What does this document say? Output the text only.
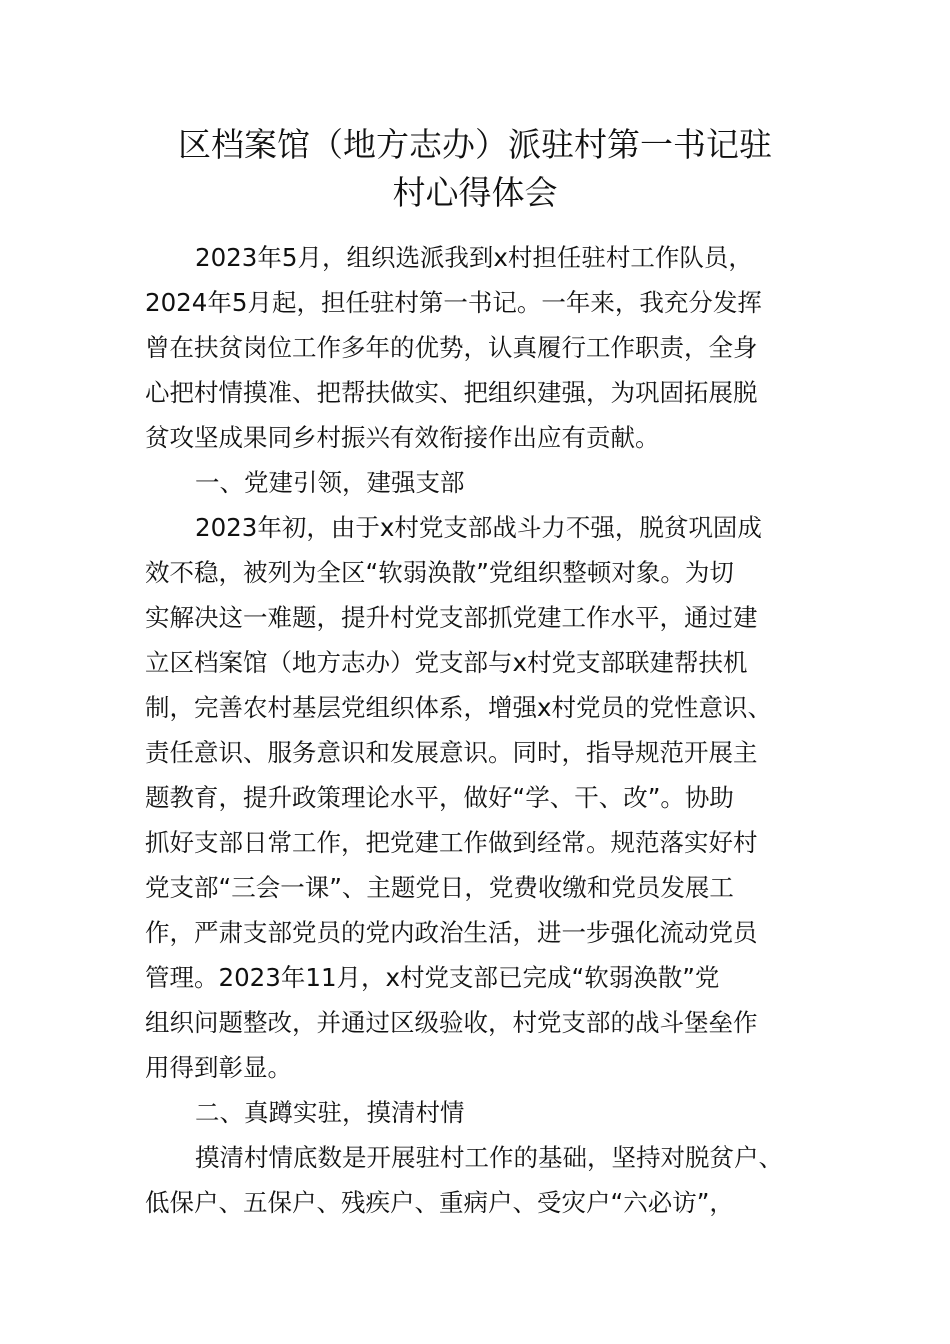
区档案馆（地方志办）派驻村第一书记驻
村心得体会

2023年5月，组织选派我到x村担任驻村工作队员，

2024年5月起，担任驻村第一书记。一年来，我充分发挥

曾在扶贫岗位工作多年的优势，认真履行工作职责，全身

心把村情摸准、把帮扶做实、把组织建强，为巩固拓展脱

贫攻坚成果同乡村振兴有效衔接作出应有贡献。

一、党建引领，建强支部

2023年初，由于x村党支部战斗力不强，脱贫巩固成

效不稳，被列为全区“软弱涣散”党组织整顿对象。为切

实解决这一难题，提升村党支部抓党建工作水平，通过建

立区档案馆（地方志办）党支部与x村党支部联建帮扶机

制，完善农村基层党组织体系，增强x村党员的党性意识、

责任意识、服务意识和发展意识。同时，指导规范开展主

题教育，提升政策理论水平，做好“学、干、改”。协助

抓好支部日常工作，把党建工作做到经常。规范落实好村

党支部“三会一课”、主题党日，党费收缴和党员发展工

作，严肃支部党员的党内政治生活，进一步强化流动党员

管理。2023年11月，x村党支部已完成“软弱涣散”党

组织问题整改，并通过区级验收，村党支部的战斗堡垒作

用得到彰显。

二、真蹲实驻，摸清村情

摸清村情底数是开展驻村工作的基础，坚持对脱贫户、

低保户、五保户、残疾户、重病户、受灾户“六必访”，
